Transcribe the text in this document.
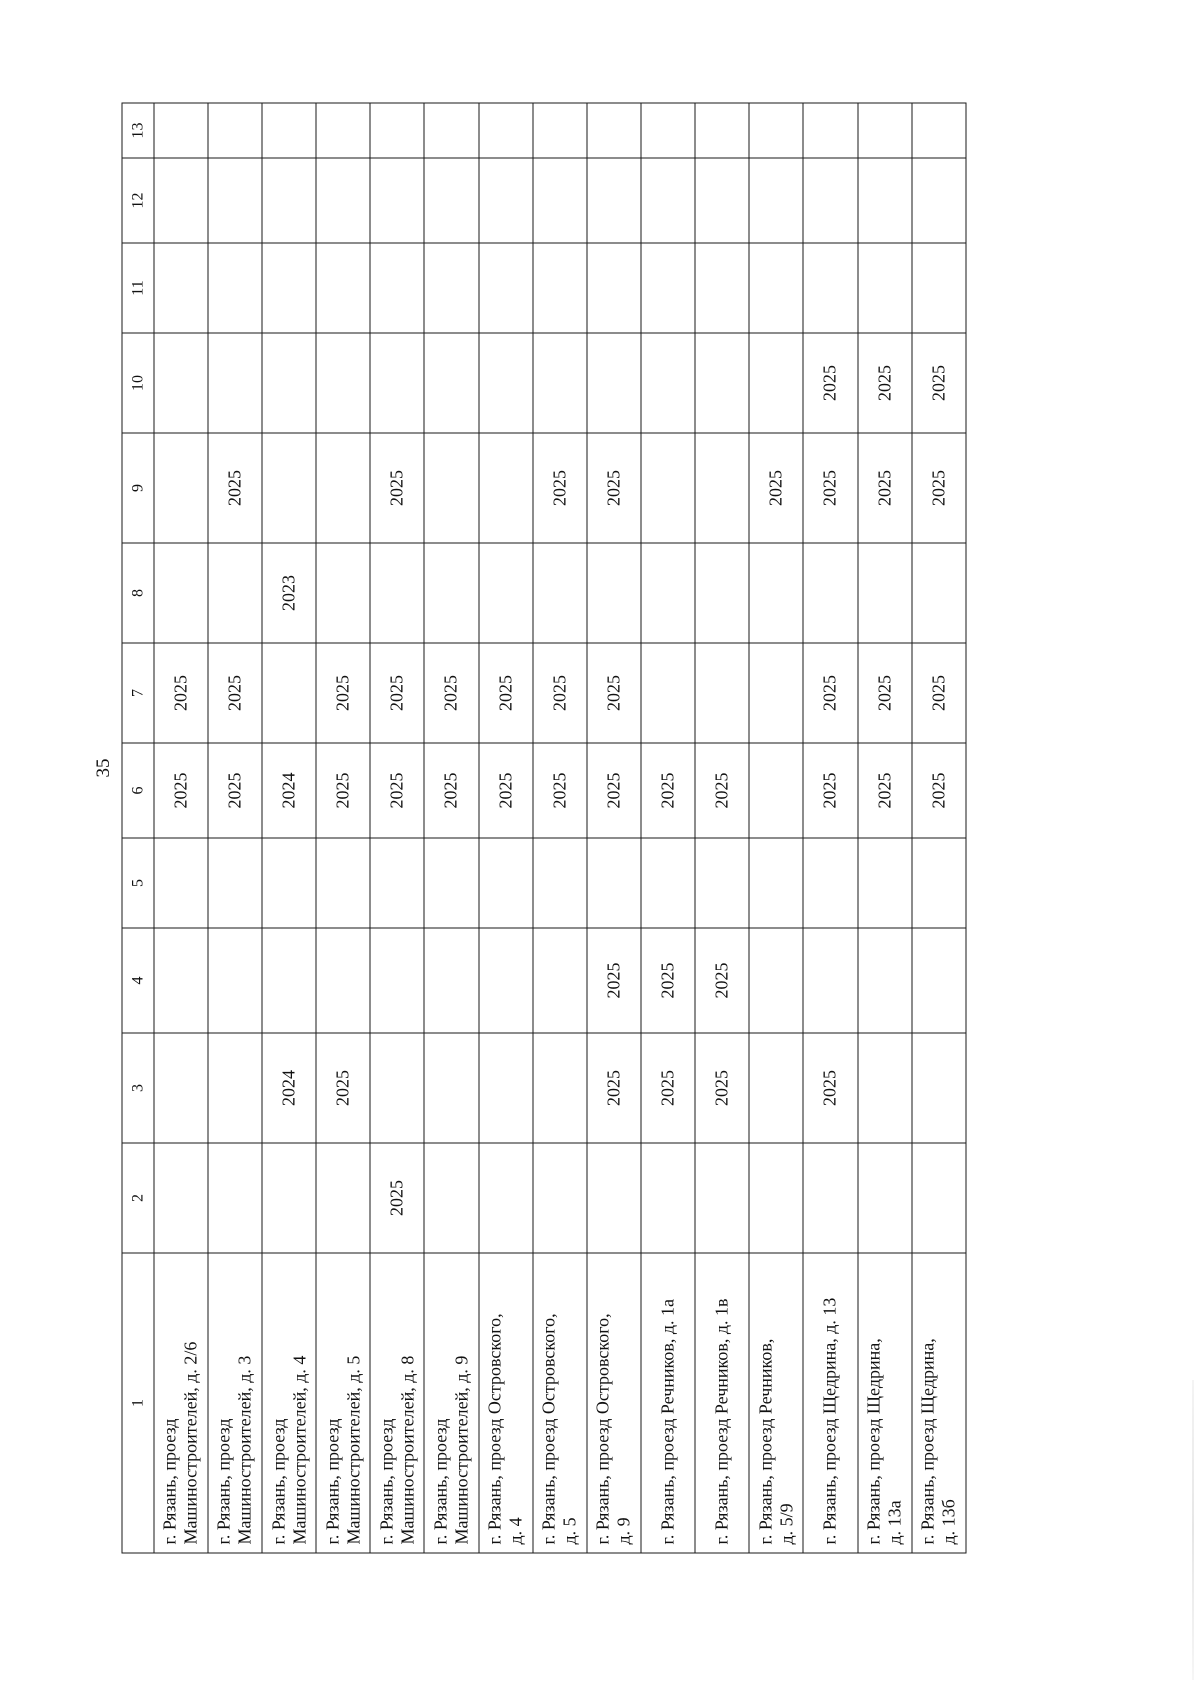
35
1	2	3	4	5	6	7	8	9	10	11	12	13

г. Рязань, проезд Машиностроителей, д. 2/6					2025	2025						

г. Рязань, проезд Машиностроителей, д. 3					2025	2025		2025				

г. Рязань, проезд Машиностроителей, д. 4		2024			2024		2023					

г. Рязань, проезд Машиностроителей, д. 5		2025			2025	2025						

г. Рязань, проезд Машиностроителей, д. 8	2025				2025	2025		2025				

г. Рязань, проезд Машиностроителей, д. 9					2025	2025						

г. Рязань, проезд Островского, д. 4					2025	2025						

г. Рязань, проезд Островского, д. 5					2025	2025		2025				

г. Рязань, проезд Островского, д. 9		2025	2025		2025	2025		2025				

г. Рязань, проезд Речников, д. 1а		2025	2025		2025							

г. Рязань, проезд Речников, д. 1в		2025	2025		2025							

г. Рязань, проезд Речников, д. 5/9								2025				

г. Рязань, проезд Щедрина, д. 13		2025			2025	2025		2025	2025			

г. Рязань, проезд Щедрина, д. 13а					2025	2025		2025	2025			

г. Рязань, проезд Щедрина, д. 13б					2025	2025		2025	2025			
